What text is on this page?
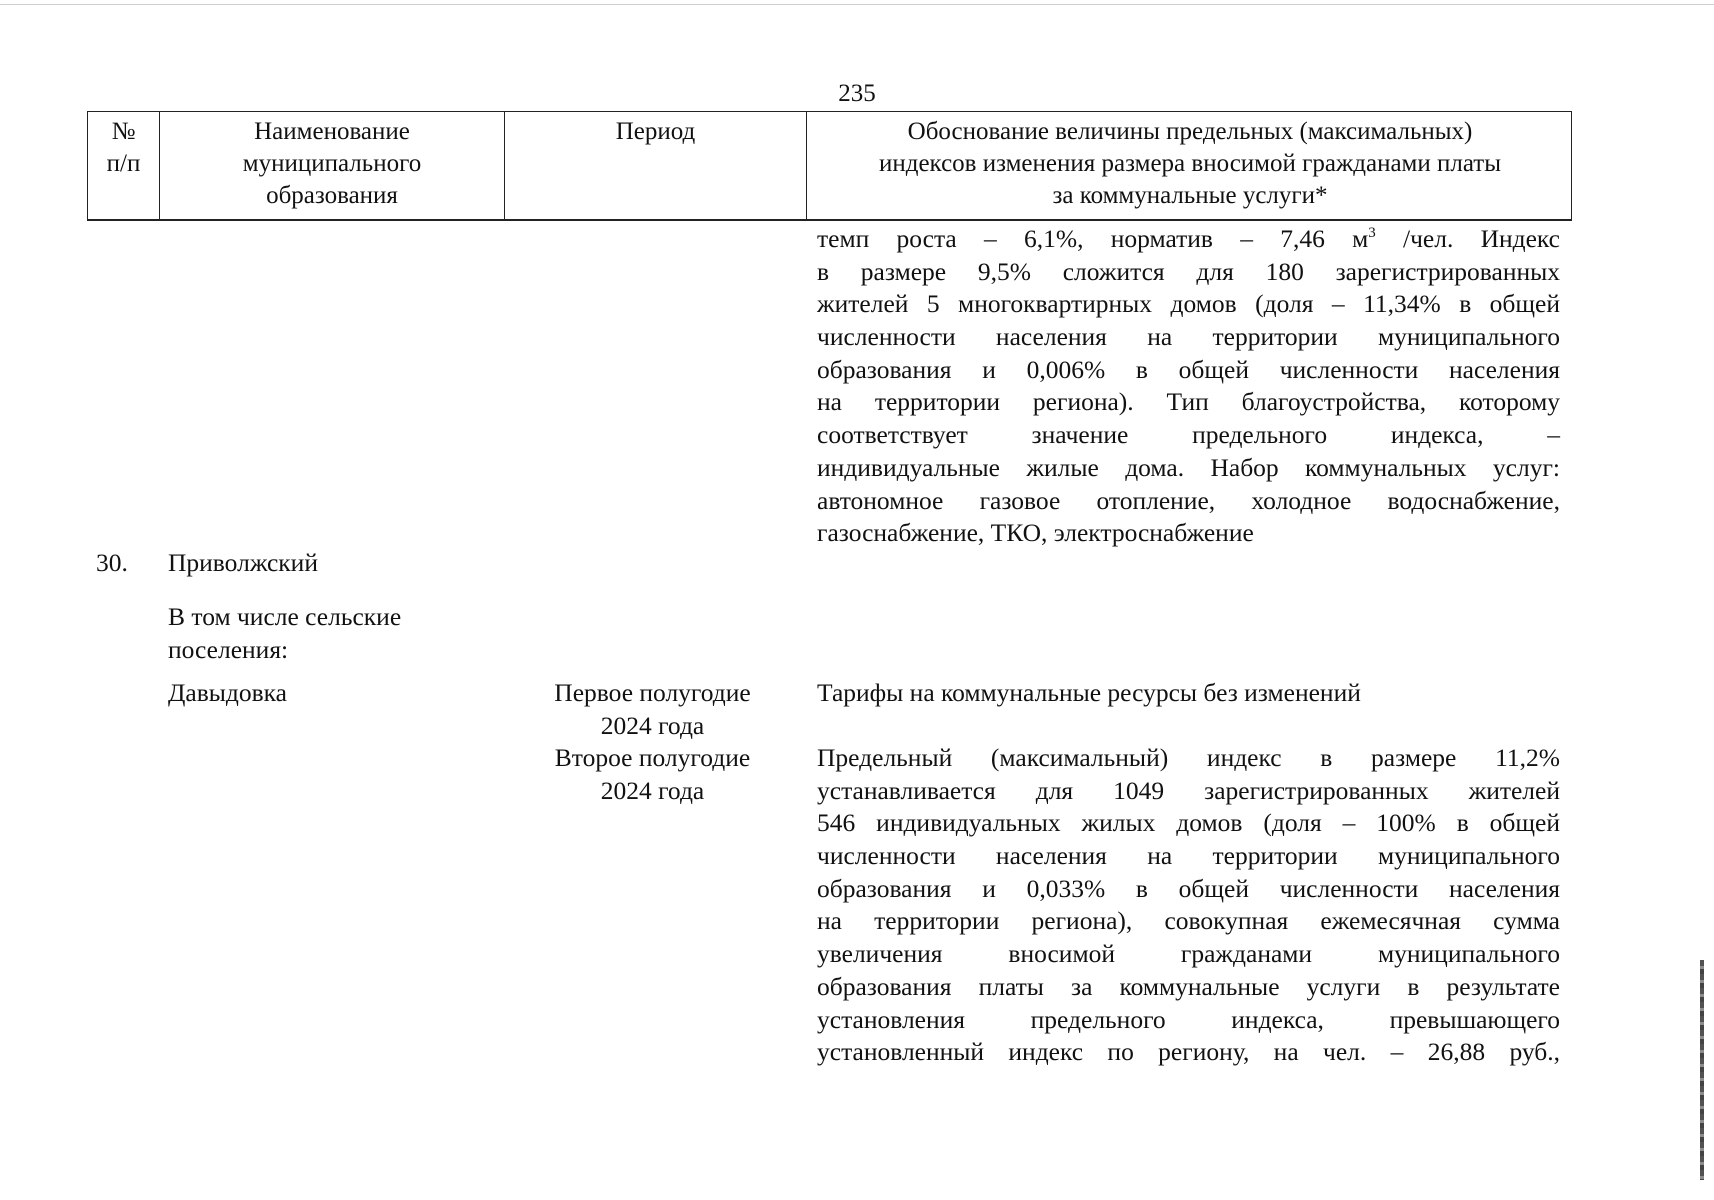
235
№
п/п
Наименование
муниципального
образования
Период	Обоснование величины предельных (максимальных)
индексов изменения размера вносимой гражданами платы
за коммунальные услуги*
темп роста – 6,1%, норматив – 7,46 $м^3$ /чел. Индекс
в размере 9,5% сложится для 180 зарегистрированных
жителей 5 многоквартирных домов (доля – 11,34% в общей
численности населения на территории муниципального
образования и 0,006% в общей численности населения
на территории региона). Тип благоустройства, которому
соответствует значение предельного индекса, –
индивидуальные жилые дома. Набор коммунальных услуг:
автономное газовое отопление, холодное водоснабжение,
газоснабжение, ТКО, электроснабжение
30. Приволжский
В том числе сельские
поселения:
Давыдовка	Первое полугодие
2024 года
Второе полугодие
2024 года
Тарифы на коммунальные ресурсы без изменений
Предельный (максимальный) индекс в размере 11,2%
устанавливается для 1049 зарегистрированных жителей
546 индивидуальных жилых домов (доля – 100% в общей
численности населения на территории муниципального
образования и 0,033% в общей численности населения
на территории региона), совокупная ежемесячная сумма
увеличения вносимой гражданами муниципального
образования платы за коммунальные услуги в результате
установления предельного индекса, превышающего
установленный индекс по региону, на чел. – 26,88 руб.,
